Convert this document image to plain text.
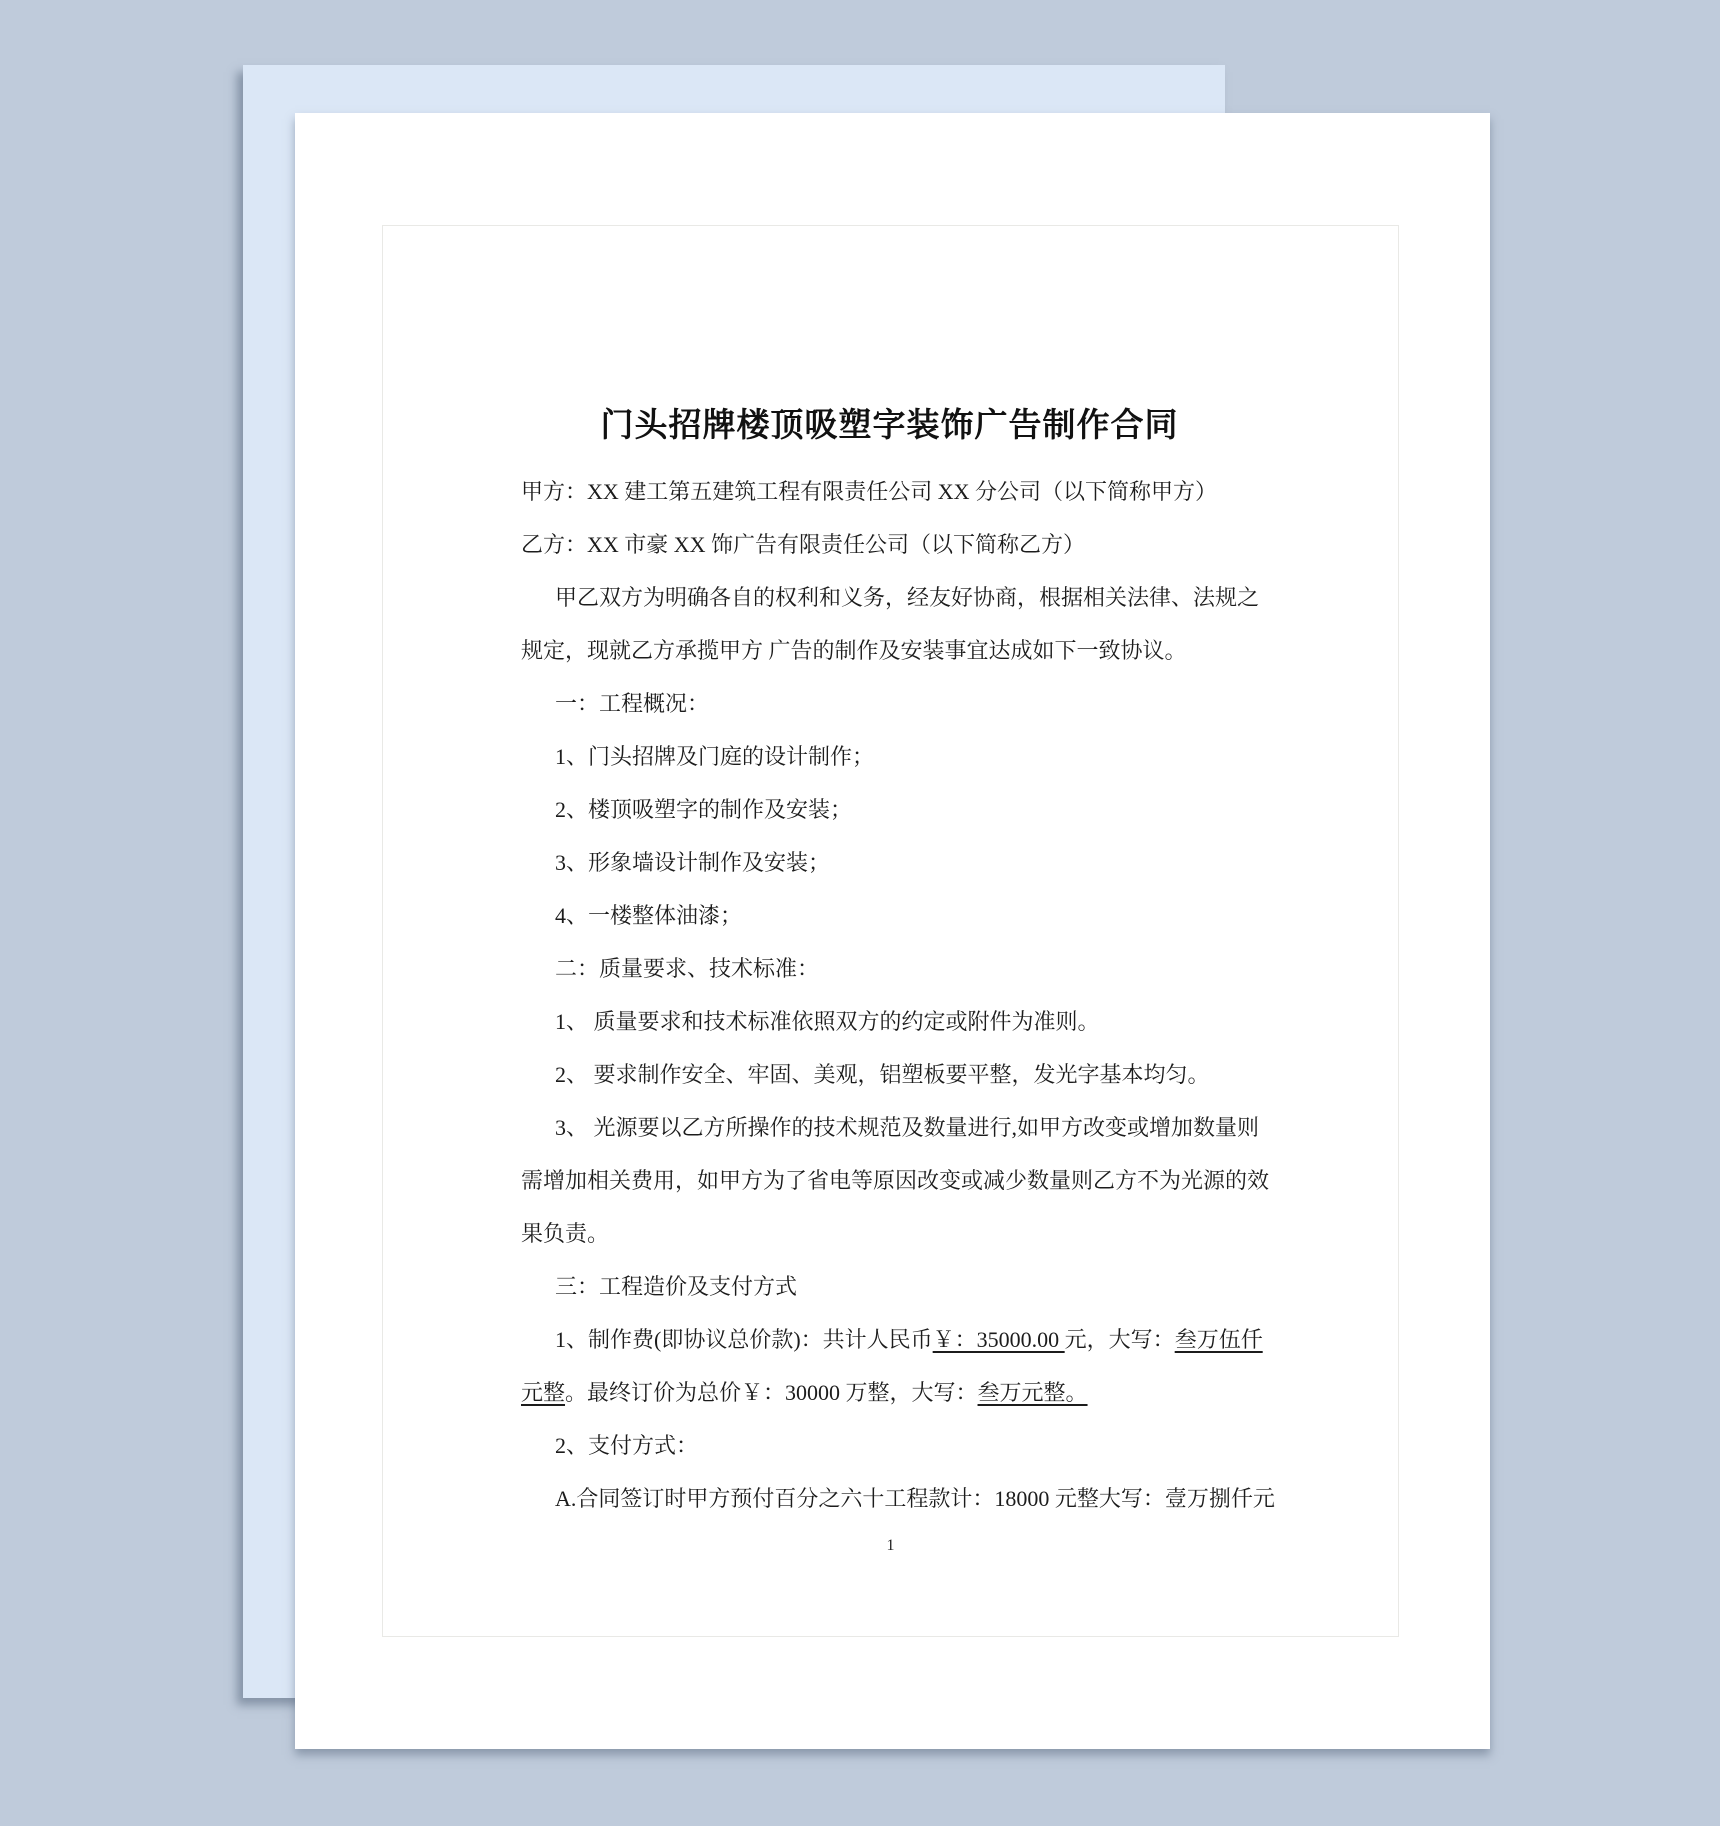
门头招牌楼顶吸塑字装饰广告制作合同
甲方：XX 建工第五建筑工程有限责任公司 XX 分公司（以下简称甲方）
乙方：XX 市豪 XX 饰广告有限责任公司（以下简称乙方）
甲乙双方为明确各自的权利和义务，经友好协商，根据相关法律、法规之
规定，现就乙方承揽甲方 广告的制作及安装事宜达成如下一致协议。
一：工程概况：
1、门头招牌及门庭的设计制作；
2、楼顶吸塑字的制作及安装；
3、形象墙设计制作及安装；
4、一楼整体油漆；
二：质量要求、技术标准：
1、 质量要求和技术标准依照双方的约定或附件为准则。
2、 要求制作安全、牢固、美观，铝塑板要平整，发光字基本均匀。
3、 光源要以乙方所操作的技术规范及数量进行,如甲方改变或增加数量则
需增加相关费用，如甲方为了省电等原因改变或减少数量则乙方不为光源的效
果负责。
三：工程造价及支付方式
1、制作费(即协议总价款)：共计人民币￥：35000.00 元，大写：叁万伍仟
元整。最终订价为总价￥：30000 万整，大写：叁万元整。
2、支付方式：
A.合同签订时甲方预付百分之六十工程款计：18000 元整大写：壹万捌仟元
1
